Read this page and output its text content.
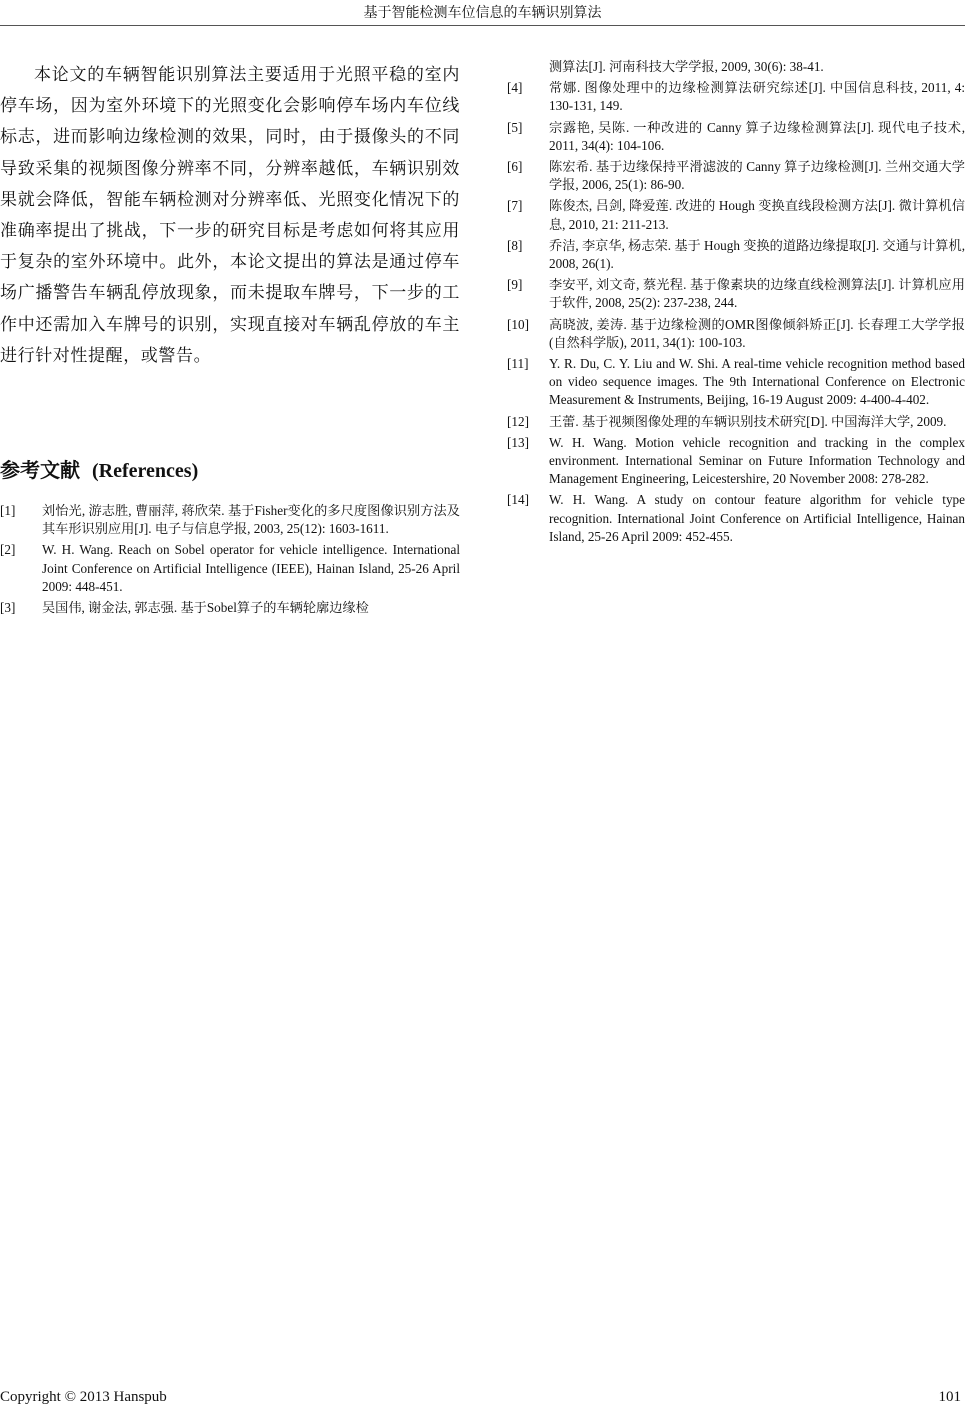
基于智能检测车位信息的车辆识别算法

本论文的车辆智能识别算法主要适用于光照平稳的室内停车场，因为室外环境下的光照变化会影响停车场内车位线标志，进而影响边缘检测的效果，同时，由于摄像头的不同导致采集的视频图像分辨率不同，分辨率越低，车辆识别效果就会降低，智能车辆检测对分辨率低、光照变化情况下的准确率提出了挑战，下一步的研究目标是考虑如何将其应用于复杂的室外环境中。此外，本论文提出的算法是通过停车场广播警告车辆乱停放现象，而未提取车牌号，下一步的工作中还需加入车牌号的识别，实现直接对车辆乱停放的车主进行针对性提醒，或警告。

参考文献 (References)
[1]	刘怡光, 游志胜, 曹丽萍, 蒋欣荣. 基于Fisher变化的多尺度图像识别方法及其车形识别应用[J]. 电子与信息学报, 2003, 25(12): 1603-1611.
[2]	W. H. Wang. Reach on Sobel operator for vehicle intelligence. International Joint Conference on Artificial Intelligence (IEEE), Hainan Island, 25-26 April 2009: 448-451.
[3]	吴国伟, 谢金法, 郭志强. 基于Sobel算子的车辆轮廓边缘检
测算法[J]. 河南科技大学学报, 2009, 30(6): 38-41.
[4]	常娜. 图像处理中的边缘检测算法研究综述[J]. 中国信息科技, 2011, 4: 130-131, 149.
[5]	宗露艳, 吴陈. 一种改进的 Canny 算子边缘检测算法[J]. 现代电子技术, 2011, 34(4): 104-106.
[6]	陈宏希. 基于边缘保持平滑滤波的 Canny 算子边缘检测[J]. 兰州交通大学学报, 2006, 25(1): 86-90.
[7]	陈俊杰, 吕剑, 降爱莲. 改进的 Hough 变换直线段检测方法[J]. 微计算机信息, 2010, 21: 211-213.
[8]	乔洁, 李京华, 杨志荣. 基于 Hough 变换的道路边缘提取[J]. 交通与计算机, 2008, 26(1).
[9]	李安平, 刘文奇, 蔡光程. 基于像素块的边缘直线检测算法[J]. 计算机应用于软件, 2008, 25(2): 237-238, 244.
[10]	高晓波, 姜涛. 基于边缘检测的OMR图像倾斜矫正[J]. 长春理工大学学报(自然科学版), 2011, 34(1): 100-103.
[11]	Y. R. Du, C. Y. Liu and W. Shi. A real-time vehicle recognition method based on video sequence images. The 9th International Conference on Electronic Measurement & Instruments, Beijing, 16-19 August 2009: 4-400-4-402.
[12]	王蕾. 基于视频图像处理的车辆识别技术研究[D]. 中国海洋大学, 2009.
[13]	W. H. Wang. Motion vehicle recognition and tracking in the complex environment. International Seminar on Future Information Technology and Management Engineering, Leicestershire, 20 November 2008: 278-282.
[14]	W. H. Wang. A study on contour feature algorithm for vehicle type recognition. International Joint Conference on Artificial Intelligence, Hainan Island, 25-26 April 2009: 452-455.
Copyright © 2013 Hanspub	101
